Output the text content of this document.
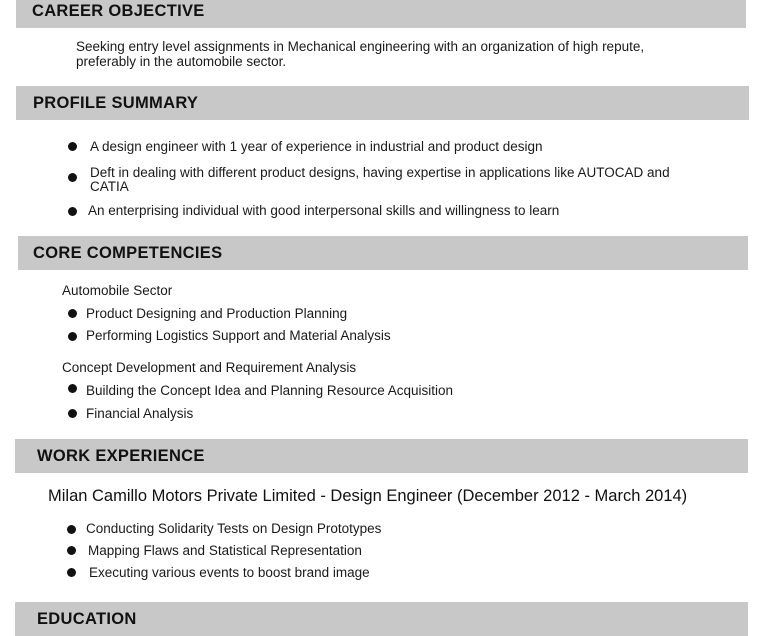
CAREER OBJECTIVE
Seeking entry level assignments in Mechanical engineering with an organization of high repute,
preferably in the automobile sector.
PROFILE SUMMARY
A design engineer with 1 year of experience in industrial and product design
Deft in dealing with different product designs, having expertise in applications like AUTOCAD and
CATIA
An enterprising individual with good interpersonal skills and willingness to learn
CORE COMPETENCIES
Automobile Sector
Product Designing and Production Planning
Performing Logistics Support and Material Analysis
Concept Development and Requirement Analysis
Building the Concept Idea and Planning Resource Acquisition
Financial Analysis
WORK EXPERIENCE
Milan Camillo Motors Private Limited - Design Engineer (December 2012 - March 2014)
Conducting Solidarity Tests on Design Prototypes
Mapping Flaws and Statistical Representation
Executing various events to boost brand image
EDUCATION
